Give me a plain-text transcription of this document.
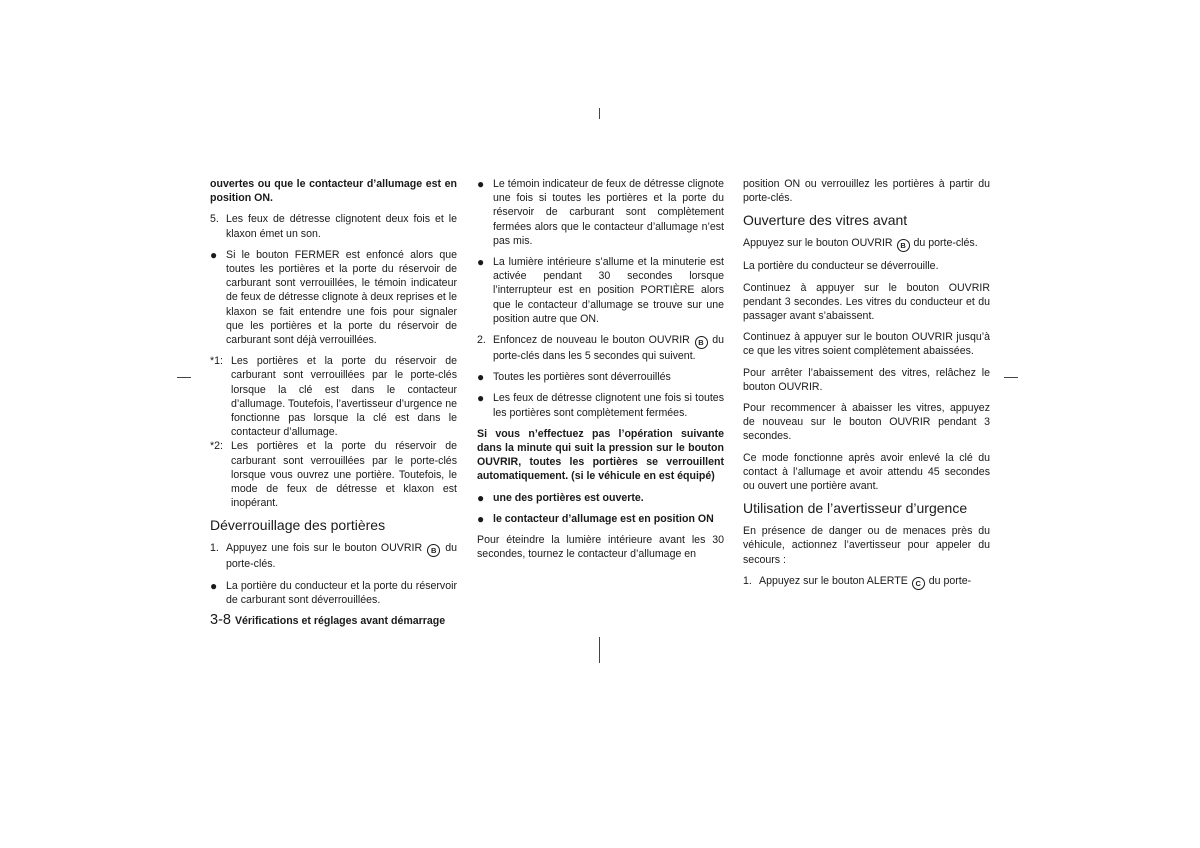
ouvertes ou que le contacteur d’allumage est en position ON.

5. Les feux de détresse clignotent deux fois et le klaxon émet un son.
● Si le bouton FERMER est enfoncé alors que toutes les portières et la porte du réservoir de carburant sont verrouillées, le témoin indicateur de feux de détresse clignote à deux reprises et le klaxon se fait entendre une fois pour signaler que les portières et la porte du réservoir de carburant sont déjà verrouillées.
*1: Les portières et la porte du réservoir de carburant sont verrouillées par le porte-clés lorsque la clé est dans le contacteur d’allumage. Toutefois, l’avertisseur d’urgence ne fonctionne pas lorsque la clé est dans le contacteur d’allumage.
*2: Les portières et la porte du réservoir de carburant sont verrouillées par le porte-clés lorsque vous ouvrez une portière. Toutefois, le mode de feux de détresse et klaxon est inopérant.
Déverrouillage des portières
1. Appuyez une fois sur le bouton OUVRIR B du porte-clés.
● La portière du conducteur et la porte du réservoir de carburant sont déverrouillées.
● Le témoin indicateur de feux de détresse clignote une fois si toutes les portières et la porte du réservoir de carburant sont complètement fermées alors que le contacteur d’allumage n’est pas mis.
● La lumière intérieure s’allume et la minuterie est activée pendant 30 secondes lorsque l’interrupteur est en position PORTIÈRE alors que le contacteur d’allumage se trouve sur une position autre que ON.
2. Enfoncez de nouveau le bouton OUVRIR B du porte-clés dans les 5 secondes qui suivent.
● Toutes les portières sont déverrouillés
● Les feux de détresse clignotent une fois si toutes les portières sont complètement fermées.

Si vous n’effectuez pas l’opération suivante dans la minute qui suit la pression sur le bouton OUVRIR, toutes les portières se verrouillent automatiquement. (si le véhicule en est équipé)

● une des portières est ouverte.
● le contacteur d’allumage est en position ON

Pour éteindre la lumière intérieure avant les 30 secondes, tournez le contacteur d’allumage en

position ON ou verrouillez les portières à partir du porte-clés.

Ouverture des vitres avant

Appuyez sur le bouton OUVRIR B du porte-clés.

La portière du conducteur se déverrouille.

Continuez à appuyer sur le bouton OUVRIR pendant 3 secondes. Les vitres du conducteur et du passager avant s’abaissent.

Continuez à appuyer sur le bouton OUVRIR jusqu’à ce que les vitres soient complètement abaissées.

Pour arrêter l’abaissement des vitres, relâchez le bouton OUVRIR.

Pour recommencer à abaisser les vitres, appuyez de nouveau sur le bouton OUVRIR pendant 3 secondes.

Ce mode fonctionne après avoir enlevé la clé du contact à l’allumage et avoir attendu 45 secondes ou ouvert une portière avant.

Utilisation de l’avertisseur d’urgence

En présence de danger ou de menaces près du véhicule, actionnez l’avertisseur pour appeler du secours :

1. Appuyez sur le bouton ALERTE C du porte-
3-8 Vérifications et réglages avant démarrage
